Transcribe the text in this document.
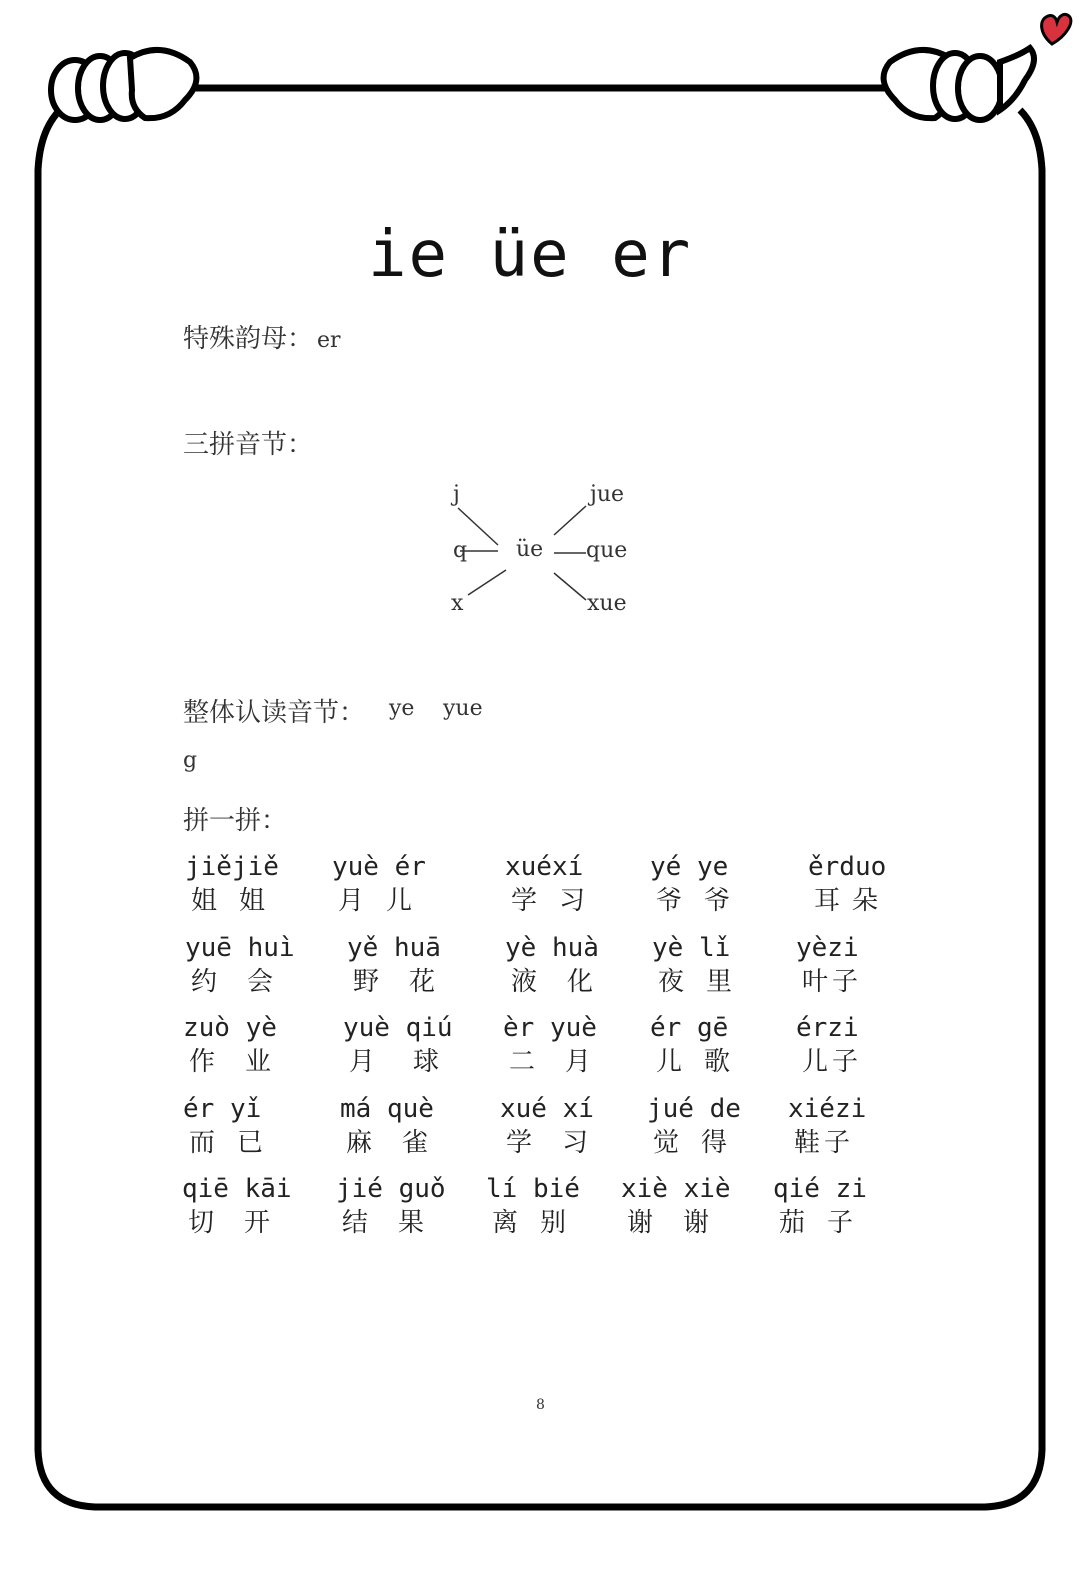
ie üe er
特殊韵母： er
三拼音节：
j
q
x
üe
jue
que
xue
整体认读音节： ye yue
g
拼一拼：
jiějiě
姐 姐
yuè ér
月 儿
xuéxí
学 习
yé ye
爷 爷
ěrduo
耳 朵
yuē huì
约 会
yě huā
野 花
yè huà
液 化
yè lǐ
夜 里
yèzi
叶 子
zuò yè
作 业
yuè qiú
月 球
èr yuè
二 月
ér gē
儿 歌
érzi
儿 子
ér yǐ
而 已
má què
麻 雀
xué xí
学 习
jué de
觉 得
xiézi
鞋 子
qiē kāi
切 开
jié guǒ
结 果
lí bié
离 别
xiè xiè
谢 谢
qié zi
茄 子
8
